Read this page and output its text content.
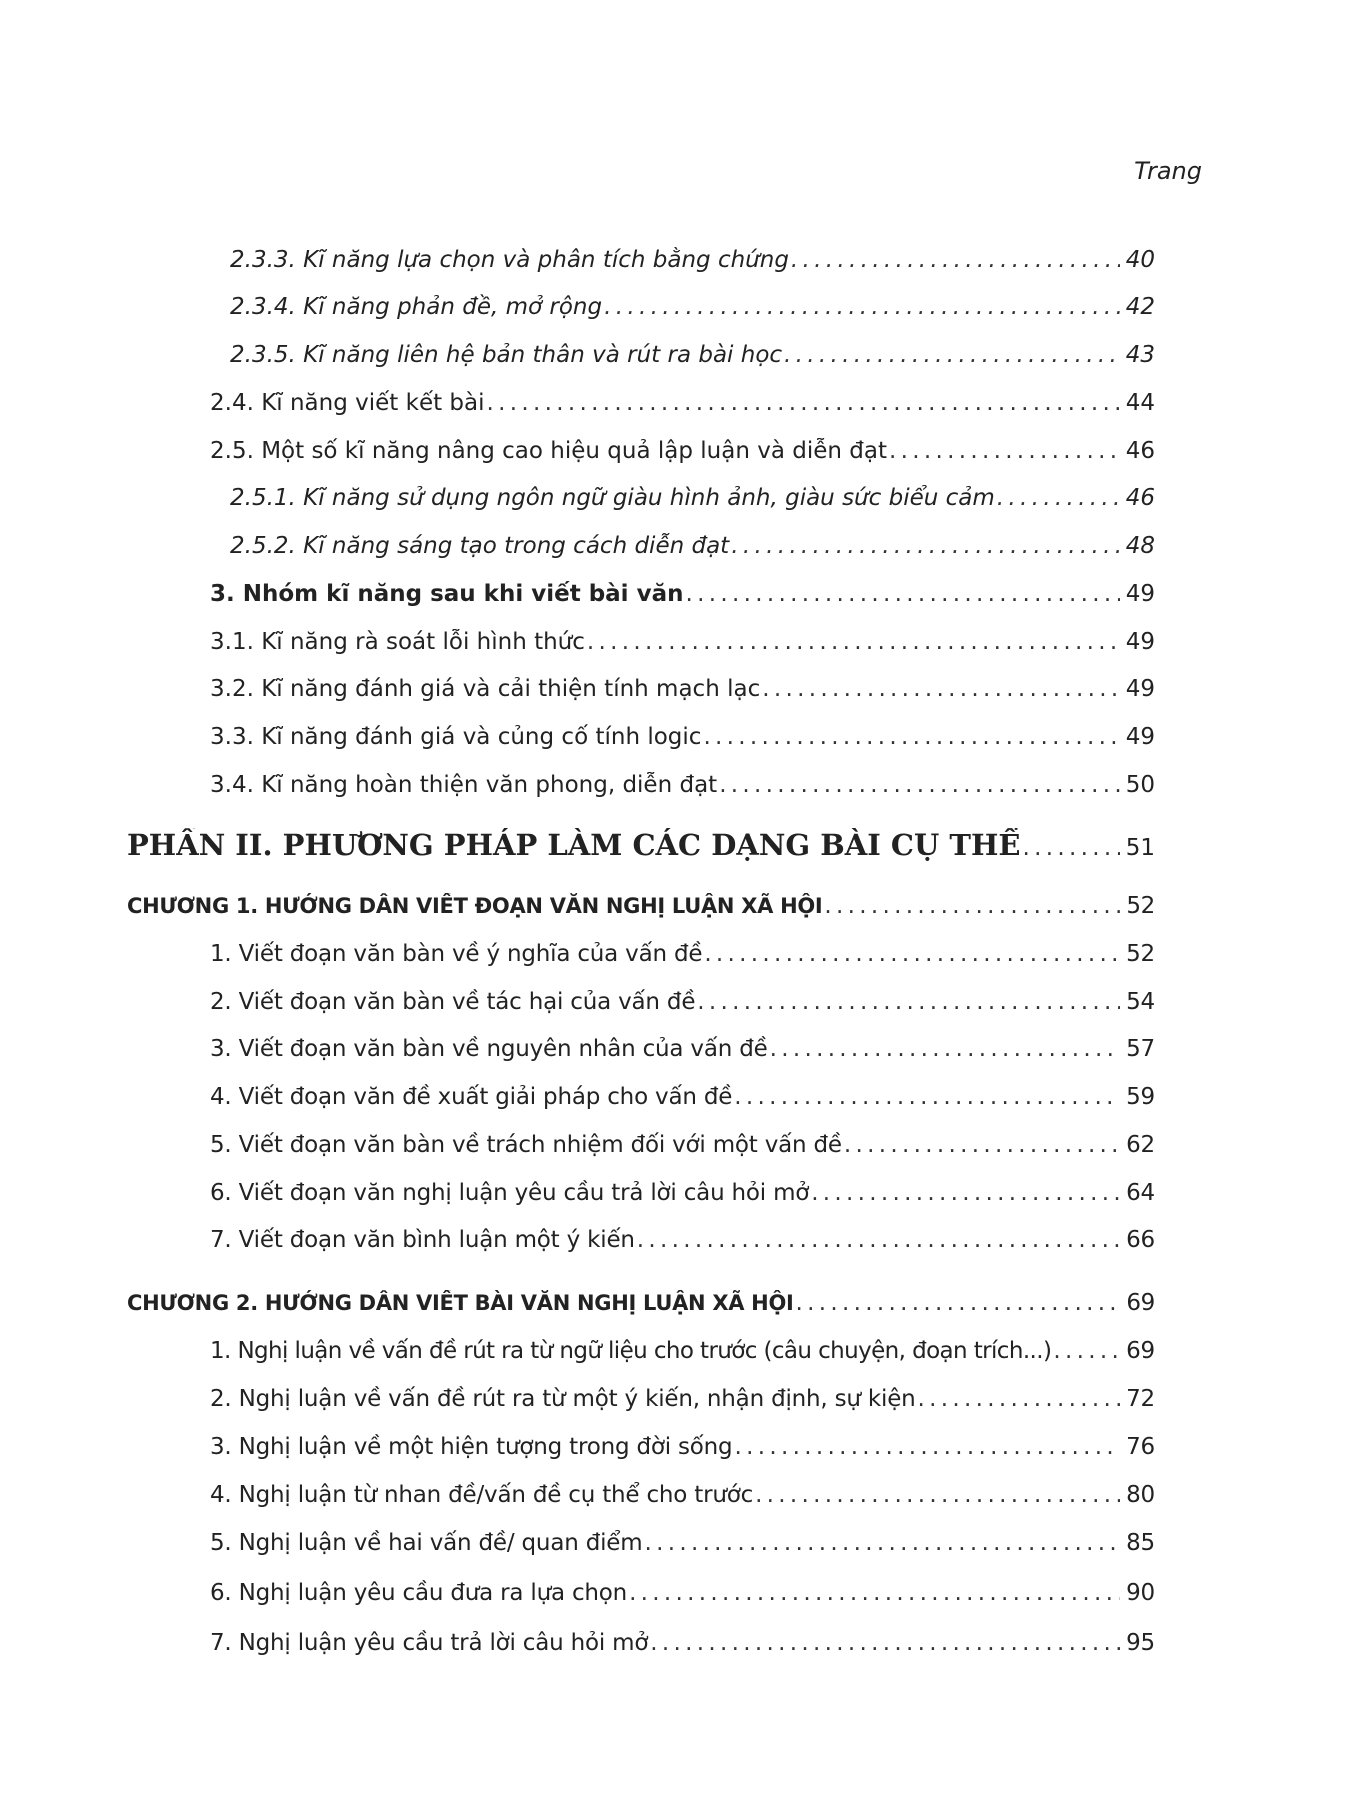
Trang
2.3.3. Kĩ năng lựa chọn và phân tích bằng chứng . . .	40
2.3.4. Kĩ năng phản đề, mở rộng . . .	42
2.3.5. Kĩ năng liên hệ bản thân và rút ra bài học . . .	43
2.4. Kĩ năng viết kết bài . . .	44
2.5. Một số kĩ năng nâng cao hiệu quả lập luận và diễn đạt . . .	46
2.5.1. Kĩ năng sử dụng ngôn ngữ giàu hình ảnh, giàu sức biểu cảm . . .	46
2.5.2. Kĩ năng sáng tạo trong cách diễn đạt . . .	48
3. Nhóm kĩ năng sau khi viết bài văn . . .	49
3.1. Kĩ năng rà soát lỗi hình thức . . .	49
3.2. Kĩ năng đánh giá và cải thiện tính mạch lạc . . .	49
3.3. Kĩ năng đánh giá và củng cố tính logic . . .	49
3.4. Kĩ năng hoàn thiện văn phong, diễn đạt . . .	50
PHẦN II. PHƯƠNG PHÁP LÀM CÁC DẠNG BÀI CỤ THỂ . . .	51
CHƯƠNG 1. HƯỚNG DẪN VIẾT ĐOẠN VĂN NGHỊ LUẬN XÃ HỘI . . .	52
1. Viết đoạn văn bàn về ý nghĩa của vấn đề . . .	52
2. Viết đoạn văn bàn về tác hại của vấn đề . . .	54
3. Viết đoạn văn bàn về nguyên nhân của vấn đề . . .	57
4. Viết đoạn văn đề xuất giải pháp cho vấn đề . . .	59
5. Viết đoạn văn bàn về trách nhiệm đối với một vấn đề . . .	62
6. Viết đoạn văn nghị luận yêu cầu trả lời câu hỏi mở . . .	64
7. Viết đoạn văn bình luận một ý kiến . . .	66
CHƯƠNG 2. HƯỚNG DẪN VIẾT BÀI VĂN NGHỊ LUẬN XÃ HỘI . . .	69
1. Nghị luận về vấn đề rút ra từ ngữ liệu cho trước (câu chuyện, đoạn trích...) . . .	69
2. Nghị luận về vấn đề rút ra từ một ý kiến, nhận định, sự kiện . . .	72
3. Nghị luận về một hiện tượng trong đời sống . . .	76
4. Nghị luận từ nhan đề/vấn đề cụ thể cho trước . . .	80
5. Nghị luận về hai vấn đề/ quan điểm . . .	85
6. Nghị luận yêu cầu đưa ra lựa chọn . . .	90
7. Nghị luận yêu cầu trả lời câu hỏi mở . . .	95
